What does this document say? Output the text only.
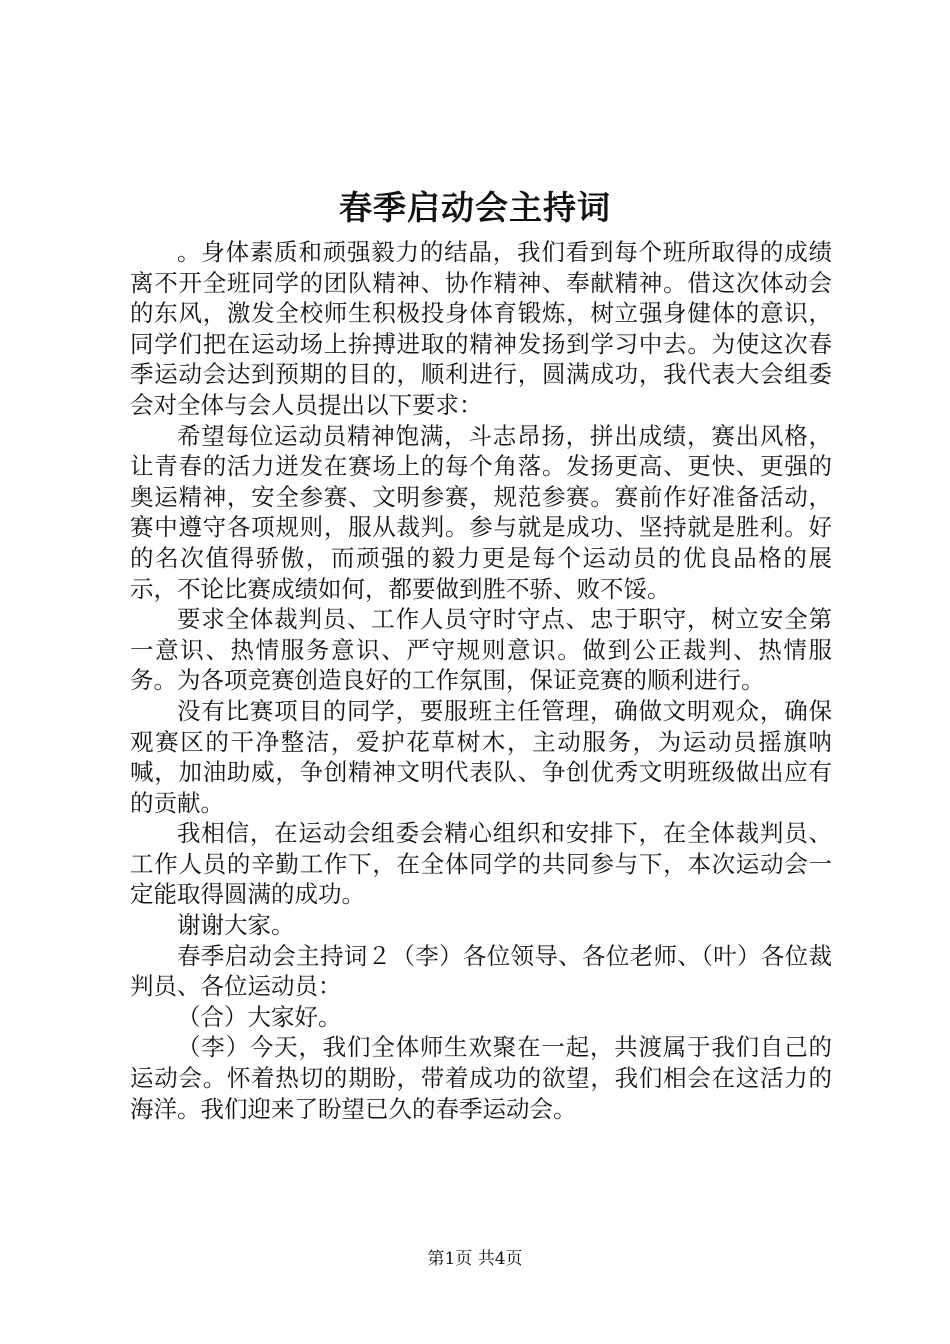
春季启动会主持词

。身体素质和顽强毅力的结晶，我们看到每个班所取得的成绩离不开全班同学的团队精神、协作精神、奉献精神。借这次体动会的东风，激发全校师生积极投身体育锻炼，树立强身健体的意识，同学们把在运动场上拚搏进取的精神发扬到学习中去。为使这次春季运动会达到预期的目的，顺利进行，圆满成功，我代表大会组委会对全体与会人员提出以下要求：

希望每位运动员精神饱满，斗志昂扬，拼出成绩，赛出风格，让青春的活力迸发在赛场上的每个角落。发扬更高、更快、更强的奥运精神，安全参赛、文明参赛，规范参赛。赛前作好准备活动，赛中遵守各项规则，服从裁判。参与就是成功、坚持就是胜利。好的名次值得骄傲，而顽强的毅力更是每个运动员的优良品格的展示，不论比赛成绩如何，都要做到胜不骄、败不馁。

要求全体裁判员、工作人员守时守点、忠于职守，树立安全第一意识、热情服务意识、严守规则意识。做到公正裁判、热情服务。为各项竞赛创造良好的工作氛围，保证竞赛的顺利进行。

没有比赛项目的同学，要服班主任管理，确做文明观众，确保观赛区的干净整洁，爱护花草树木，主动服务，为运动员摇旗呐喊，加油助威，争创精神文明代表队、争创优秀文明班级做出应有的贡献。

我相信，在运动会组委会精心组织和安排下，在全体裁判员、工作人员的辛勤工作下，在全体同学的共同参与下，本次运动会一定能取得圆满的成功。

谢谢大家。

春季启动会主持词２（李）各位领导、各位老师、（叶）各位裁判员、各位运动员：

（合）大家好。

（李）今天，我们全体师生欢聚在一起，共渡属于我们自己的运动会。怀着热切的期盼，带着成功的欲望，我们相会在这活力的海洋。我们迎来了盼望已久的春季运动会。

第1页 共4页
